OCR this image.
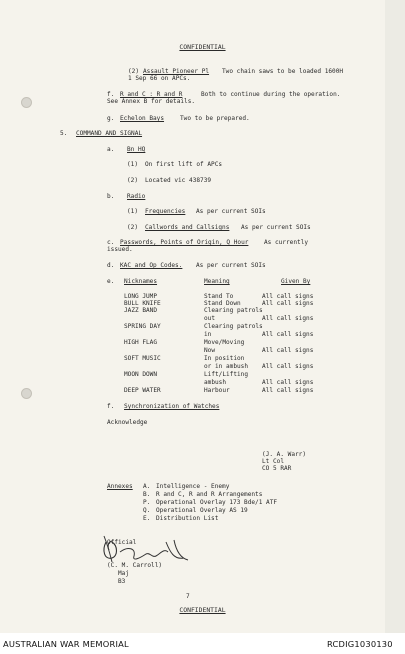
CONFIDENTIAL
(2) Assault Pioneer Pl Two chain saws to be loaded 1600H
1 Sep 66 on APCs.
f. R and C : R and R	Both to continue during the operation.
See Annex B for details.
g. Echelon Bays	Two to be prepared.
5. COMMAND AND SIGNAL
a. Bn HQ
(1) On first lift of APCs
(2) Located vic 438739
b. Radio
(1) Frequencies As per current SOIs
(2) Callwords and Callsigns As per current SOIs
c. Passwords, Points of Origin, Q Hour	As currently
issued.
d. KAC and Op Codes. As per current SOIs
e. Nicknames	Meaning	Given By
LONG JUMP	Stand To	All call signs
BULL KNIFE	Stand Down	All call signs
JAZZ BAND	Clearing patrols
out	All call signs
SPRING DAY	Clearing patrols
in	All call signs
HIGH FLAG	Move/Moving
Now	All call signs
SOFT MUSIC	In position
or in ambush All call signs
MOON DOWN	Lift/Lifting
ambush	All call signs
DEEP WATER	Harbour	All call signs
f. Synchronization of Watches
Acknowledge
(J. A. Warr)
Lt Col
CO 5 RAR
Annexes A. Intelligence - Enemy
B. R and C, R and R Arrangements
P. Operational Overlay 173 Bde/1 ATF
Q. Operational Overlay AS 19
E. Distribution List
Official
(C. M. Carroll)
Maj
B3
7
CONFIDENTIAL
AUSTRALIAN WAR MEMORIAL	RCDIG1030130
